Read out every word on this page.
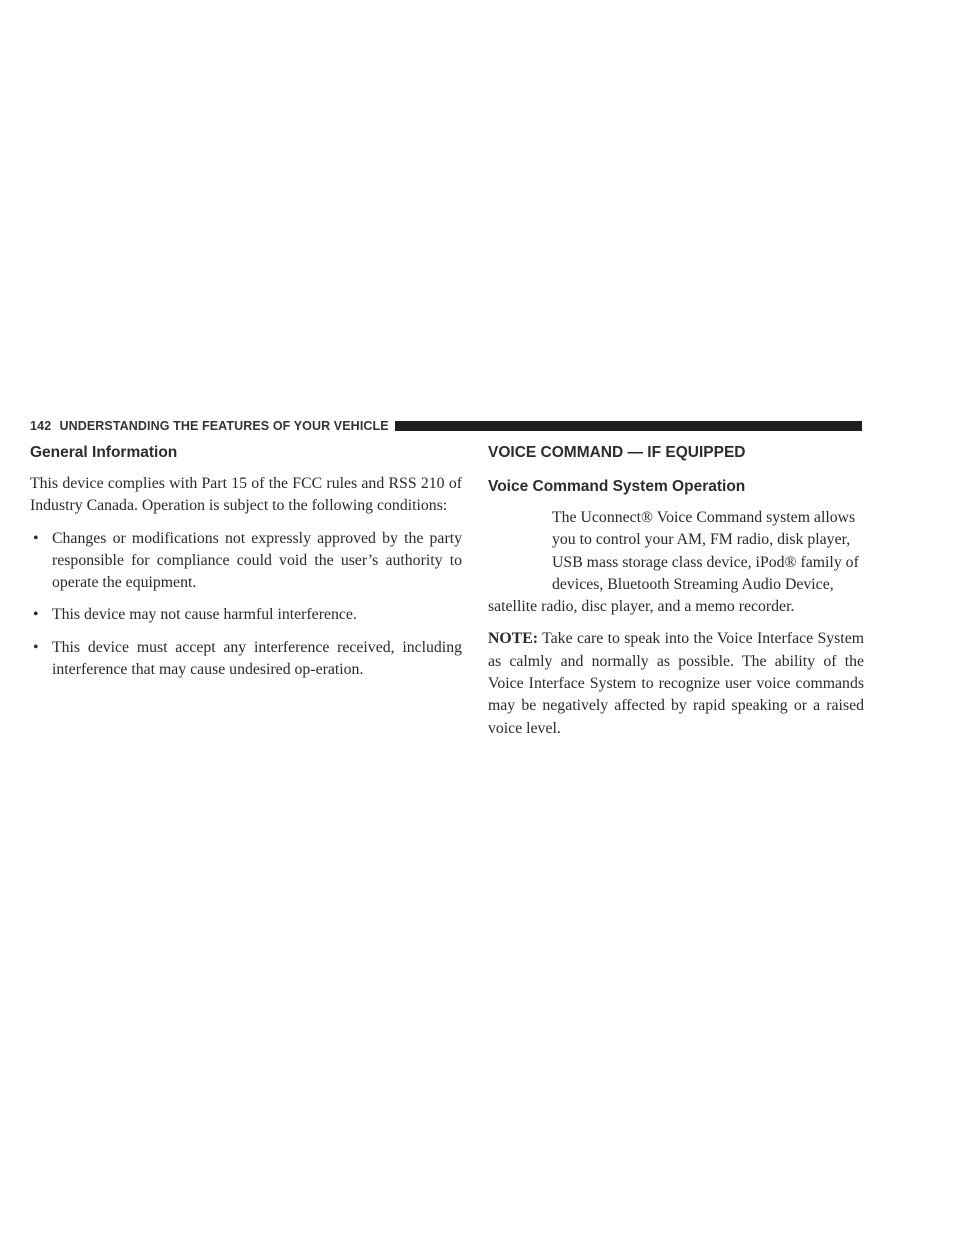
142 UNDERSTANDING THE FEATURES OF YOUR VEHICLE
General Information

This device complies with Part 15 of the FCC rules and RSS 210 of Industry Canada. Operation is subject to the following conditions:

• Changes or modifications not expressly approved by the party responsible for compliance could void the user’s authority to operate the equipment.
• This device may not cause harmful interference.
• This device must accept any interference received, including interference that may cause undesired op-eration.
VOICE COMMAND — IF EQUIPPED
Voice Command System Operation
The Uconnect® Voice Command system allows
you to control your AM, FM radio, disk player,
USB mass storage class device, iPod® family of
devices, Bluetooth Streaming Audio Device,
satellite radio, disc player, and a memo recorder.

NOTE: Take care to speak into the Voice Interface System as calmly and normally as possible. The ability of the Voice Interface System to recognize user voice commands may be negatively affected by rapid speaking or a raised voice level.
